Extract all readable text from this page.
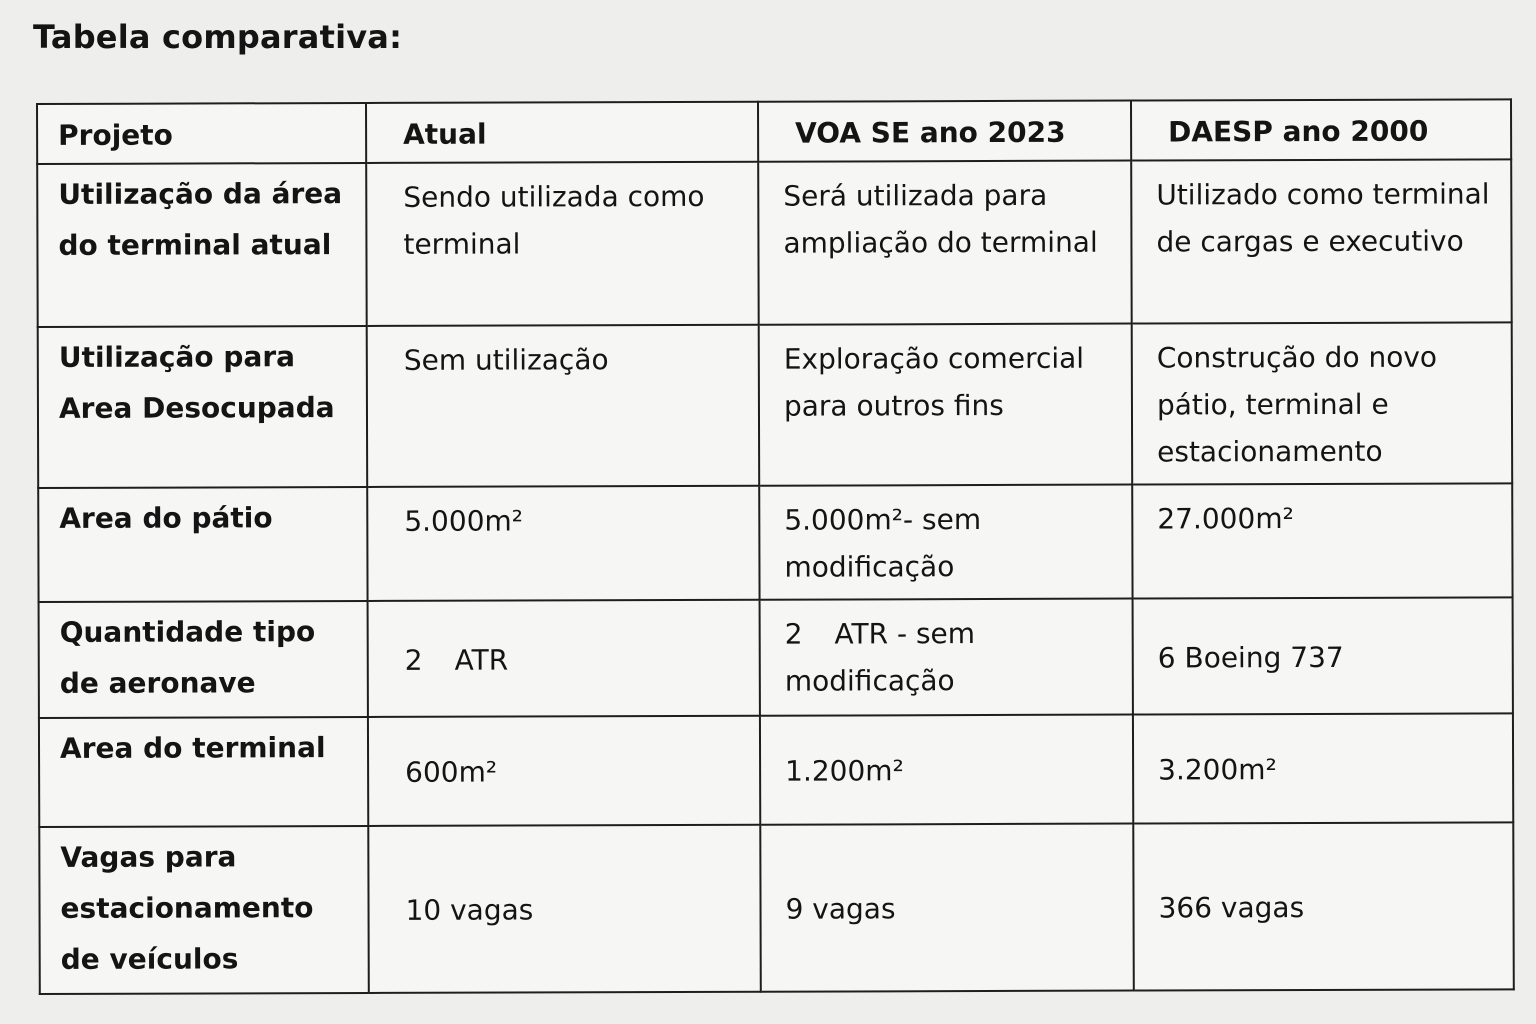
Tabela comparativa:
Projeto	Atual	VOA SE ano 2023	DAESP ano 2000
Utilização da área do terminal atual	Sendo utilizada como terminal	Será utilizada para ampliação do terminal	Utilizado como terminal de cargas e executivo
Utilização para Area Desocupada	Sem utilização	Exploração comercial para outros fins	Construção do novo pátio, terminal e estacionamento
Area do pátio	5.000m²	5.000m²- sem modificação	27.000m²
Quantidade tipo de aeronave	2 ATR	2 ATR - sem modificação	6 Boeing 737
Area do terminal	600m²	1.200m²	3.200m²
Vagas para estacionamento de veículos	10 vagas	9 vagas	366 vagas
